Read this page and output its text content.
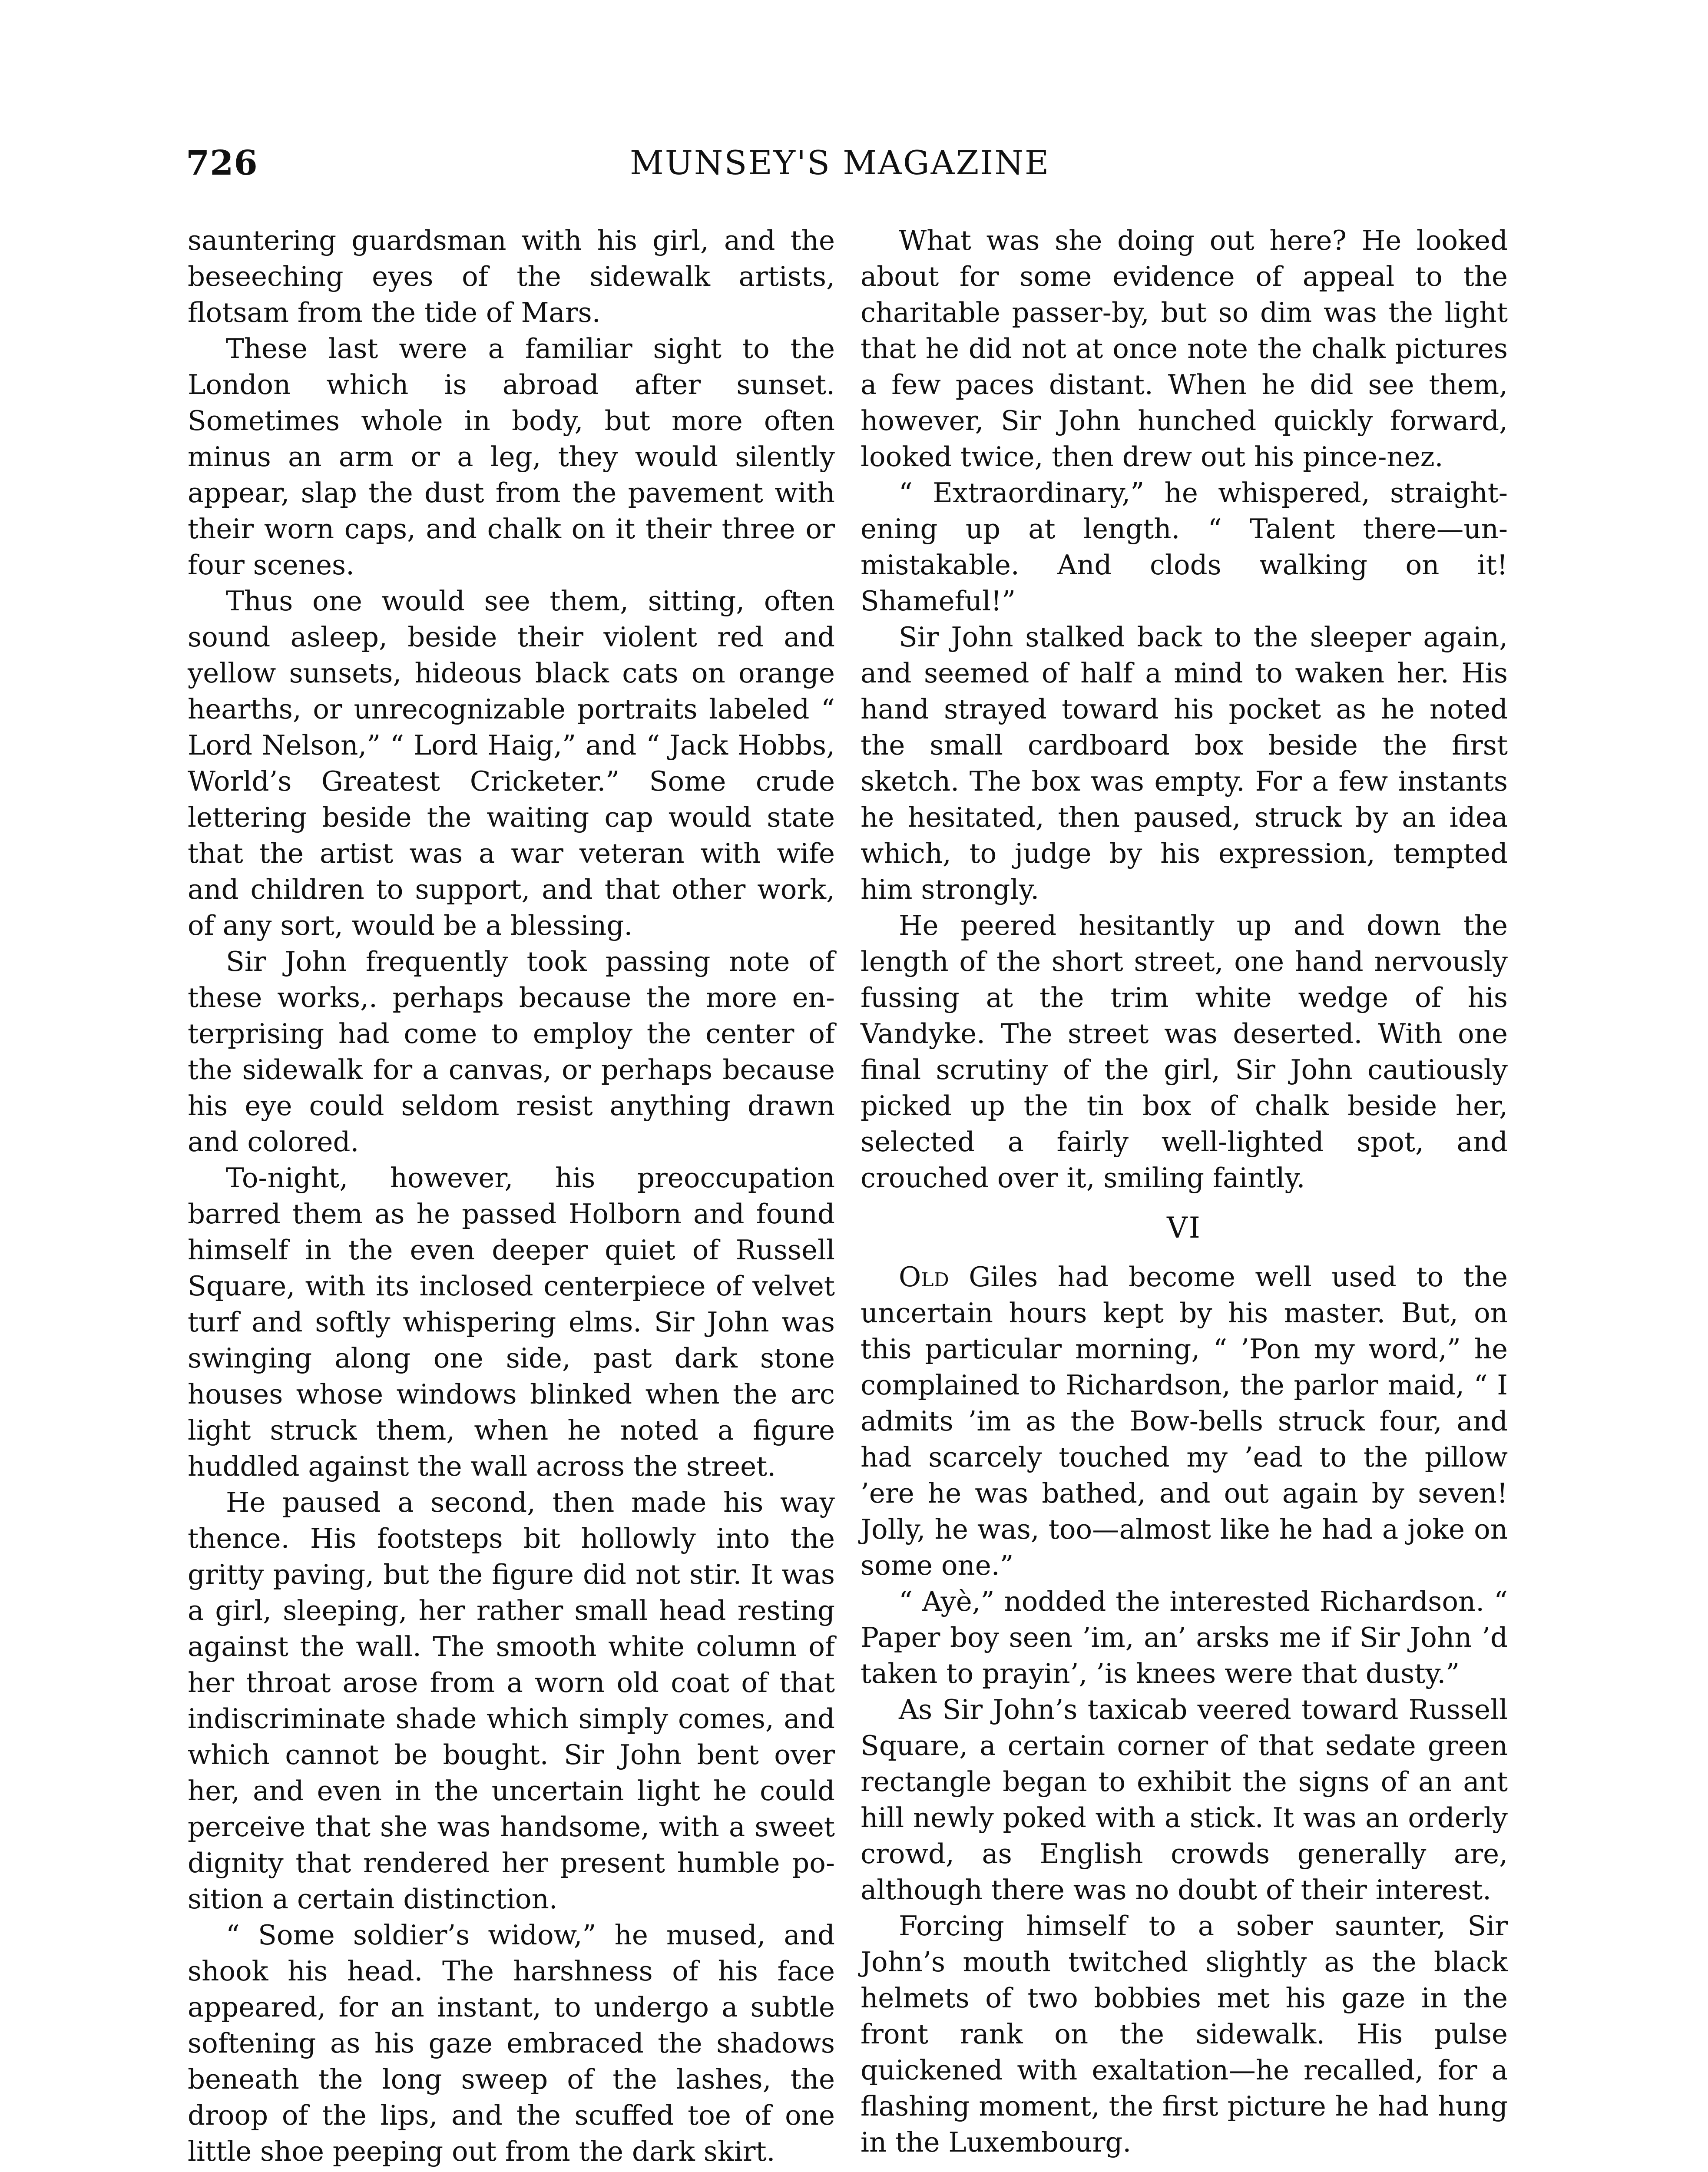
726	MUNSEY'S MAGAZINE

sauntering guardsman with his girl, and the beseeching eyes of the sidewalk artists, flotsam from the tide of Mars.

These last were a familiar sight to the London which is abroad after sunset. Sometimes whole in body, but more often minus an arm or a leg, they would silently appear, slap the dust from the pavement with their worn caps, and chalk on it their three or four scenes.

Thus one would see them, sitting, often sound asleep, beside their violent red and yellow sunsets, hideous black cats on orange hearths, or unrecognizable portraits labeled “ Lord Nelson,” “ Lord Haig,” and “ Jack Hobbs, World’s Greatest Cricketer.” Some crude lettering beside the waiting cap would state that the artist was a war veteran with wife and children to support, and that other work, of any sort, would be a blessing.

Sir John frequently took passing note of these works,. perhaps because the more enterprising had come to employ the center of the sidewalk for a canvas, or perhaps because his eye could seldom resist anything drawn and colored.

To-night, however, his preoccupation barred them as he passed Holborn and found himself in the even deeper quiet of Russell Square, with its inclosed centerpiece of velvet turf and softly whispering elms. Sir John was swinging along one side, past dark stone houses whose windows blinked when the arc light struck them, when he noted a figure huddled against the wall across the street.

He paused a second, then made his way thence. His footsteps bit hollowly into the gritty paving, but the figure did not stir. It was a girl, sleeping, her rather small head resting against the wall. The smooth white column of her throat arose from a worn old coat of that indiscriminate shade which simply comes, and which cannot be bought. Sir John bent over her, and even in the uncertain light he could perceive that she was handsome, with a sweet dignity that rendered her present humble position a certain distinction.

“ Some soldier’s widow,” he mused, and shook his head. The harshness of his face appeared, for an instant, to undergo a subtle softening as his gaze embraced the shadows beneath the long sweep of the lashes, the droop of the lips, and the scuffed toe of one little shoe peeping out from the dark skirt.

What was she doing out here? He looked about for some evidence of appeal to the charitable passer-by, but so dim was the light that he did not at once note the chalk pictures a few paces distant. When he did see them, however, Sir John hunched quickly forward, looked twice, then drew out his pince-nez.

“ Extraordinary,” he whispered, straightening up at length. “ Talent there—unmistakable. And clods walking on it! Shameful!”

Sir John stalked back to the sleeper again, and seemed of half a mind to waken her. His hand strayed toward his pocket as he noted the small cardboard box beside the first sketch. The box was empty. For a few instants he hesitated, then paused, struck by an idea which, to judge by his expression, tempted him strongly.

He peered hesitantly up and down the length of the short street, one hand nervously fussing at the trim white wedge of his Vandyke. The street was deserted. With one final scrutiny of the girl, Sir John cautiously picked up the tin box of chalk beside her, selected a fairly well-lighted spot, and crouched over it, smiling faintly.

VI

Old Giles had become well used to the uncertain hours kept by his master. But, on this particular morning, “ ’Pon my word,” he complained to Richardson, the parlor maid, “ I admits ’im as the Bow-bells struck four, and had scarcely touched my ’ead to the pillow ’ere he was bathed, and out again by seven! Jolly, he was, too—almost like he had a joke on some one.”

“ Ayè,” nodded the interested Richardson. “ Paper boy seen ’im, an’ arsks me if Sir John ’d taken to prayin’, ’is knees were that dusty.”

As Sir John’s taxicab veered toward Russell Square, a certain corner of that sedate green rectangle began to exhibit the signs of an ant hill newly poked with a stick. It was an orderly crowd, as English crowds generally are, although there was no doubt of their interest.

Forcing himself to a sober saunter, Sir John’s mouth twitched slightly as the black helmets of two bobbies met his gaze in the front rank on the sidewalk. His pulse quickened with exaltation—he recalled, for a flashing moment, the first picture he had hung in the Luxembourg.
